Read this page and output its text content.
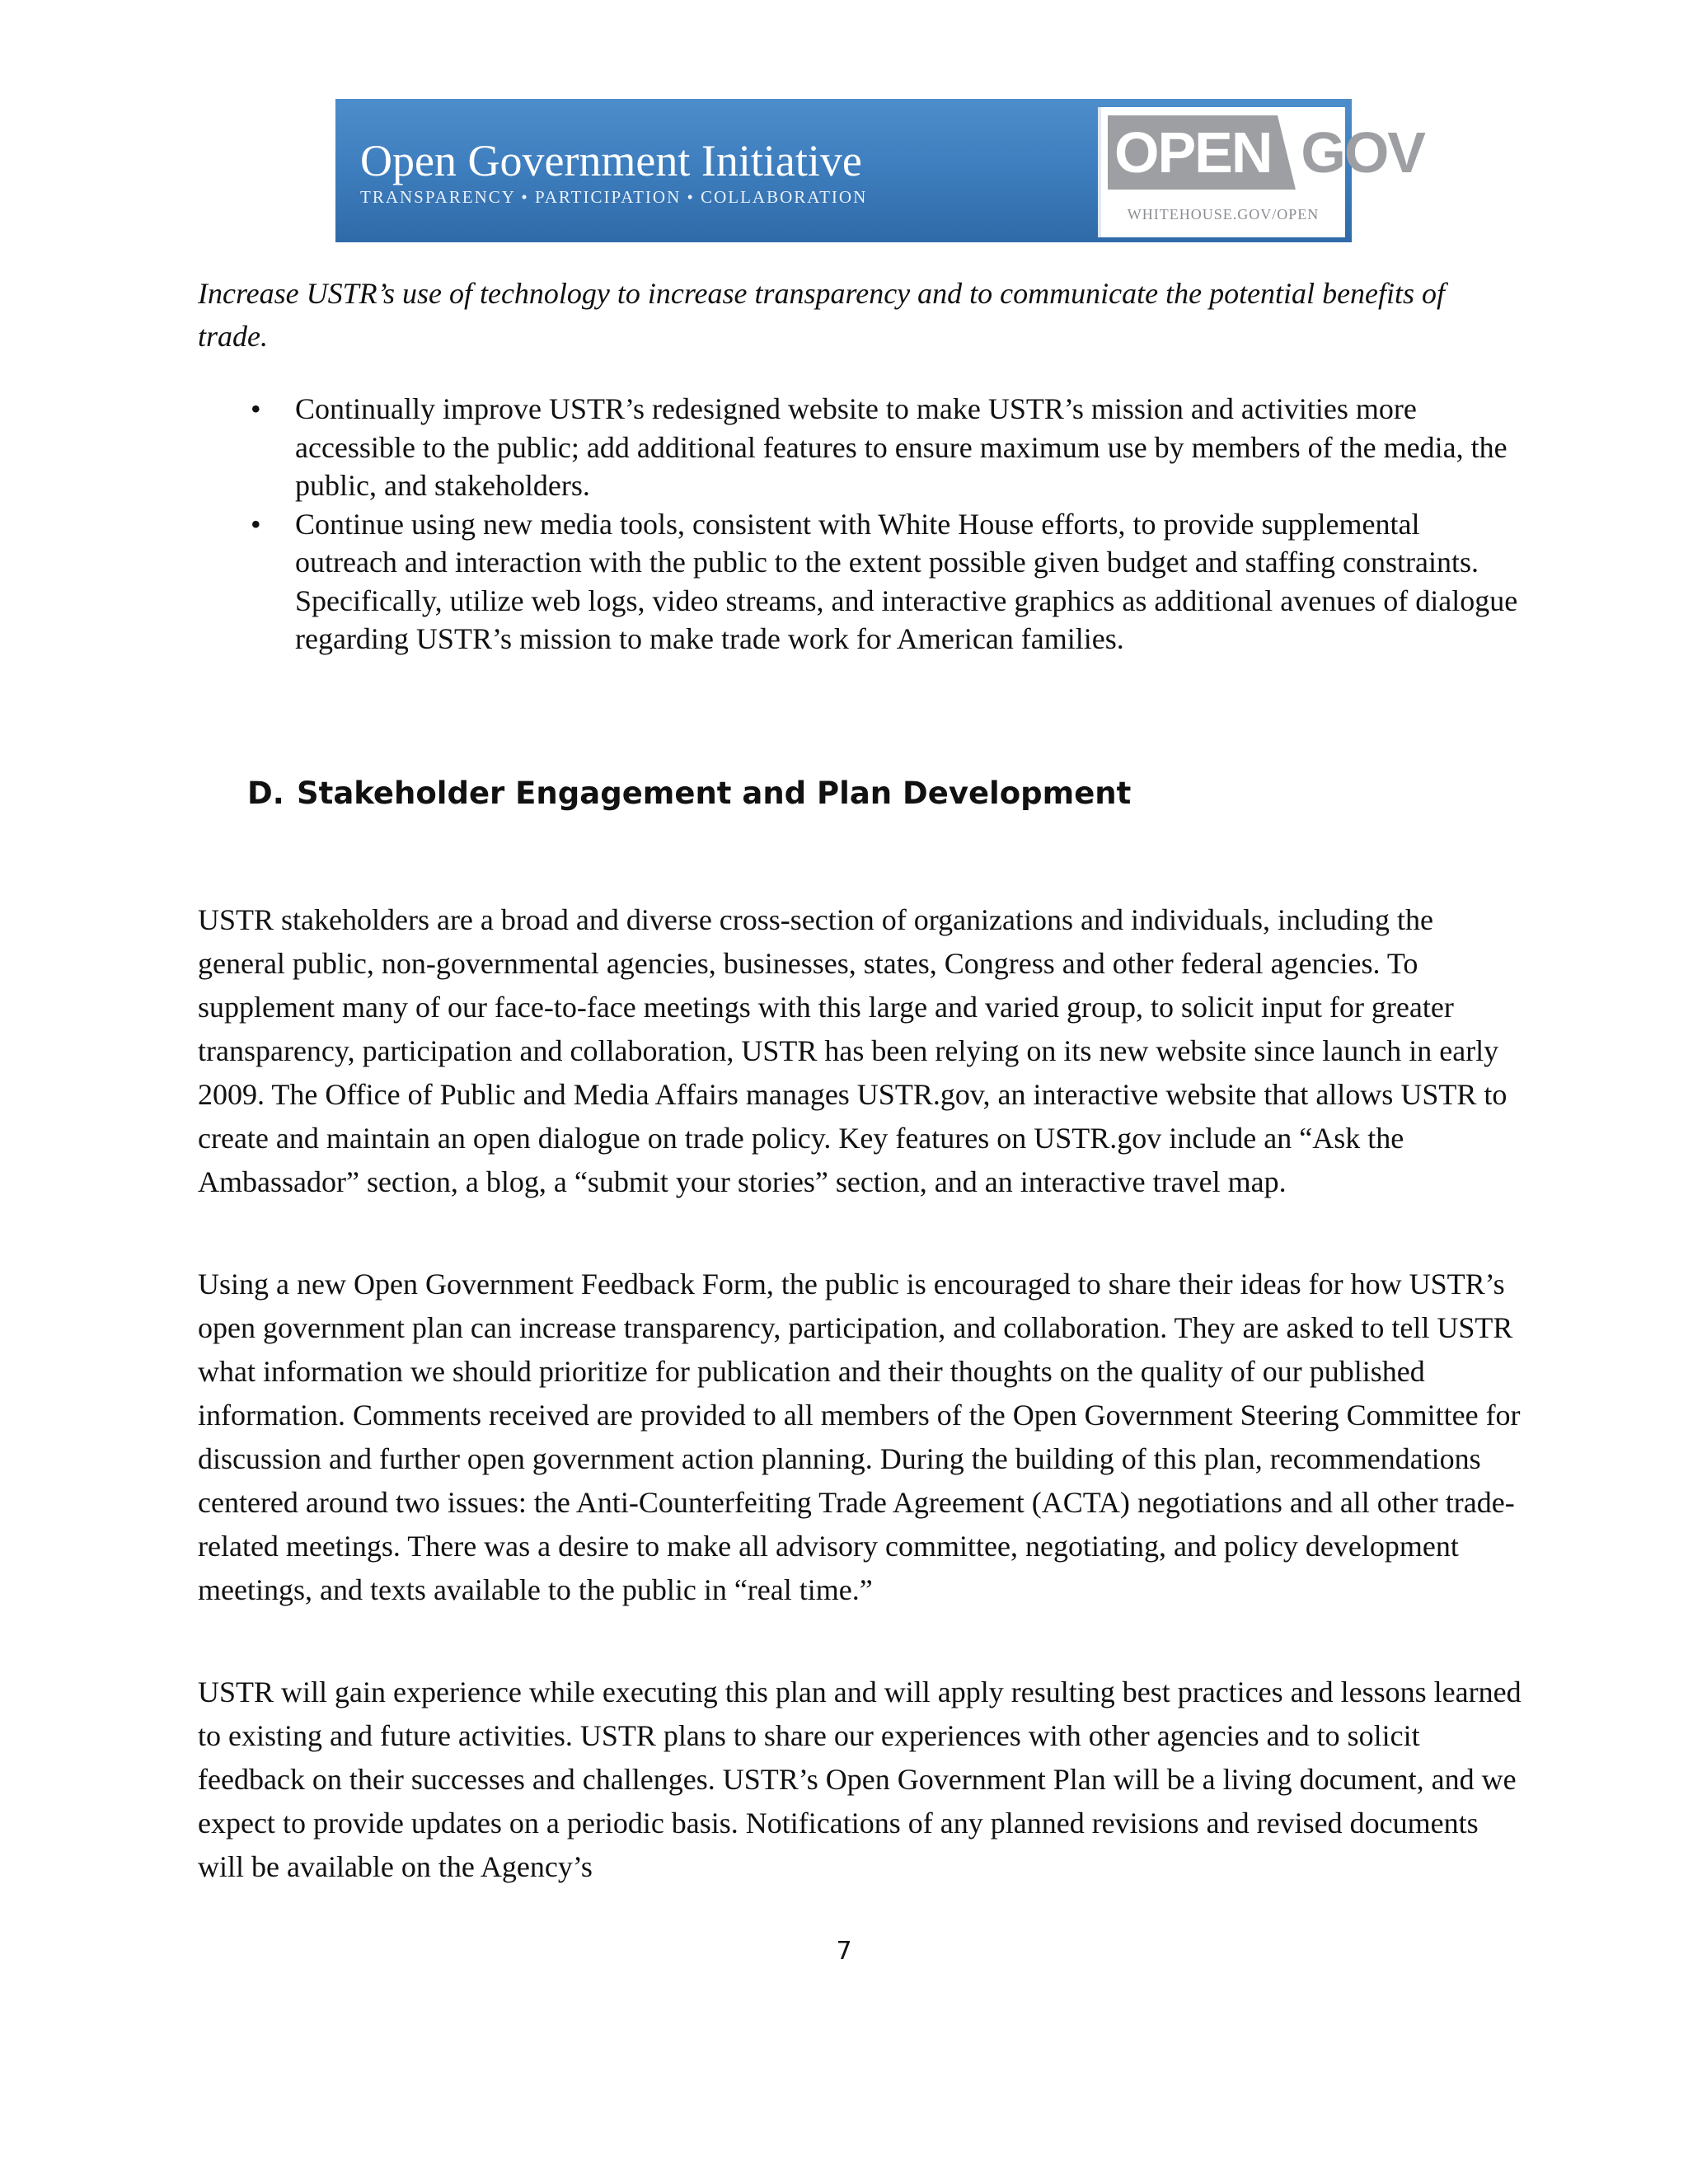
Open Government Initiative
TRANSPARENCY • PARTICIPATION • COLLABORATION
OPEN GOV
WHITEHOUSE.GOV/OPEN
Increase USTR’s use of technology to increase transparency and to communicate the potential benefits of trade.
• Continually improve USTR’s redesigned website to make USTR’s mission and activities more accessible to the public; add additional features to ensure maximum use by members of the media, the public, and stakeholders.
• Continue using new media tools, consistent with White House efforts, to provide supplemental outreach and interaction with the public to the extent possible given budget and staffing constraints. Specifically, utilize web logs, video streams, and interactive graphics as additional avenues of dialogue regarding USTR’s mission to make trade work for American families.
D. Stakeholder Engagement and Plan Development
USTR stakeholders are a broad and diverse cross-section of organizations and individuals, including the general public, non-governmental agencies, businesses, states, Congress and other federal agencies. To supplement many of our face-to-face meetings with this large and varied group, to solicit input for greater transparency, participation and collaboration, USTR has been relying on its new website since launch in early 2009. The Office of Public and Media Affairs manages USTR.gov, an interactive website that allows USTR to create and maintain an open dialogue on trade policy. Key features on USTR.gov include an “Ask the Ambassador” section, a blog, a “submit your stories” section, and an interactive travel map.
Using a new Open Government Feedback Form, the public is encouraged to share their ideas for how USTR’s open government plan can increase transparency, participation, and collaboration. They are asked to tell USTR what information we should prioritize for publication and their thoughts on the quality of our published information. Comments received are provided to all members of the Open Government Steering Committee for discussion and further open government action planning. During the building of this plan, recommendations centered around two issues: the Anti-Counterfeiting Trade Agreement (ACTA) negotiations and all other trade-related meetings. There was a desire to make all advisory committee, negotiating, and policy development meetings, and texts available to the public in “real time.”
USTR will gain experience while executing this plan and will apply resulting best practices and lessons learned to existing and future activities. USTR plans to share our experiences with other agencies and to solicit feedback on their successes and challenges. USTR’s Open Government Plan will be a living document, and we expect to provide updates on a periodic basis. Notifications of any planned revisions and revised documents will be available on the Agency’s
7
